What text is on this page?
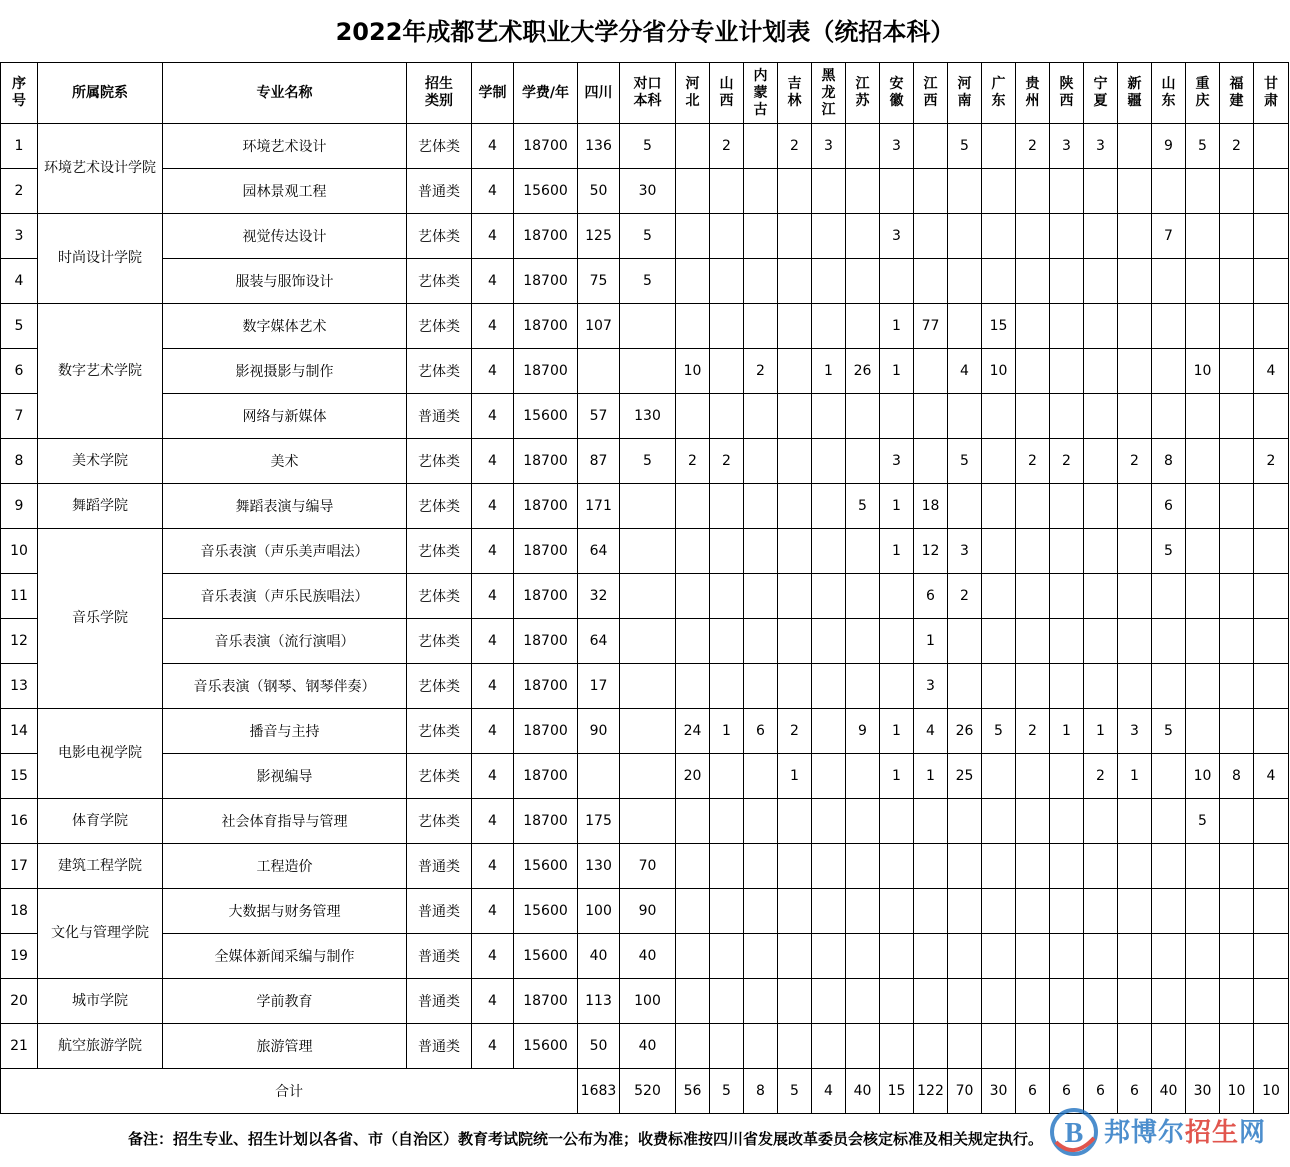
2022年成都艺术职业大学分省分专业计划表（统招本科）
序号	所属院系	专业名称	招生类别	学制	学费/年	四川	对口本科	河北	山西	内蒙古	吉林	黑龙江	江苏	安徽	江西	河南	广东	贵州	陕西	宁夏	新疆	山东	重庆	福建	甘肃
1	环境艺术设计学院	环境艺术设计	艺体类	4	18700	136	5		2		2	3		3		5		2	3	3		9	5	2	
2		园林景观工程	普通类	4	15600	50	30																		
3	时尚设计学院	视觉传达设计	艺体类	4	18700	125	5							3								7			
4		服装与服饰设计	艺体类	4	18700	75	5																		
5	数字艺术学院	数字媒体艺术	艺体类	4	18700	107								1	77		15								
6		影视摄影与制作	艺体类	4	18700			10		2		1	26	1		4	10						10		4
7		网络与新媒体	普通类	4	15600	57	130																		
8	美术学院	美术	艺体类	4	18700	87	5	2	2					3		5		2	2		2	8			2
9	舞蹈学院	舞蹈表演与编导	艺体类	4	18700	171							5	1	18							6			
10	音乐学院	音乐表演（声乐美声唱法）	艺体类	4	18700	64								1	12	3						5			
11		音乐表演（声乐民族唱法）	艺体类	4	18700	32									6	2									
12		音乐表演（流行演唱）	艺体类	4	18700	64									1										
13		音乐表演（钢琴、钢琴伴奏）	艺体类	4	18700	17									3										
14	电影电视学院	播音与主持	艺体类	4	18700	90		24	1	6	2		9	1	4	26	5	2	1	1	3	5			
15		影视编导	艺体类	4	18700			20			1			1	1	25				2	1		10	8	4
16	体育学院	社会体育指导与管理	艺体类	4	18700	175																	5		
17	建筑工程学院	工程造价	普通类	4	15600	130	70																		
18	文化与管理学院	大数据与财务管理	普通类	4	15600	100	90																		
19		全媒体新闻采编与制作	普通类	4	15600	40	40																		
20	城市学院	学前教育	普通类	4	18700	113	100																		
21	航空旅游学院	旅游管理	普通类	4	15600	50	40																		
合计						1683	520	56	5	8	5	4	40	15	122	70	30	6	6	6	6	40	30	10	10
备注：招生专业、招生计划以各省、市（自治区）教育考试院统一公布为准；收费标准按四川省发展改革委员会核定标准及相关规定执行。 B 邦博尔招生网
